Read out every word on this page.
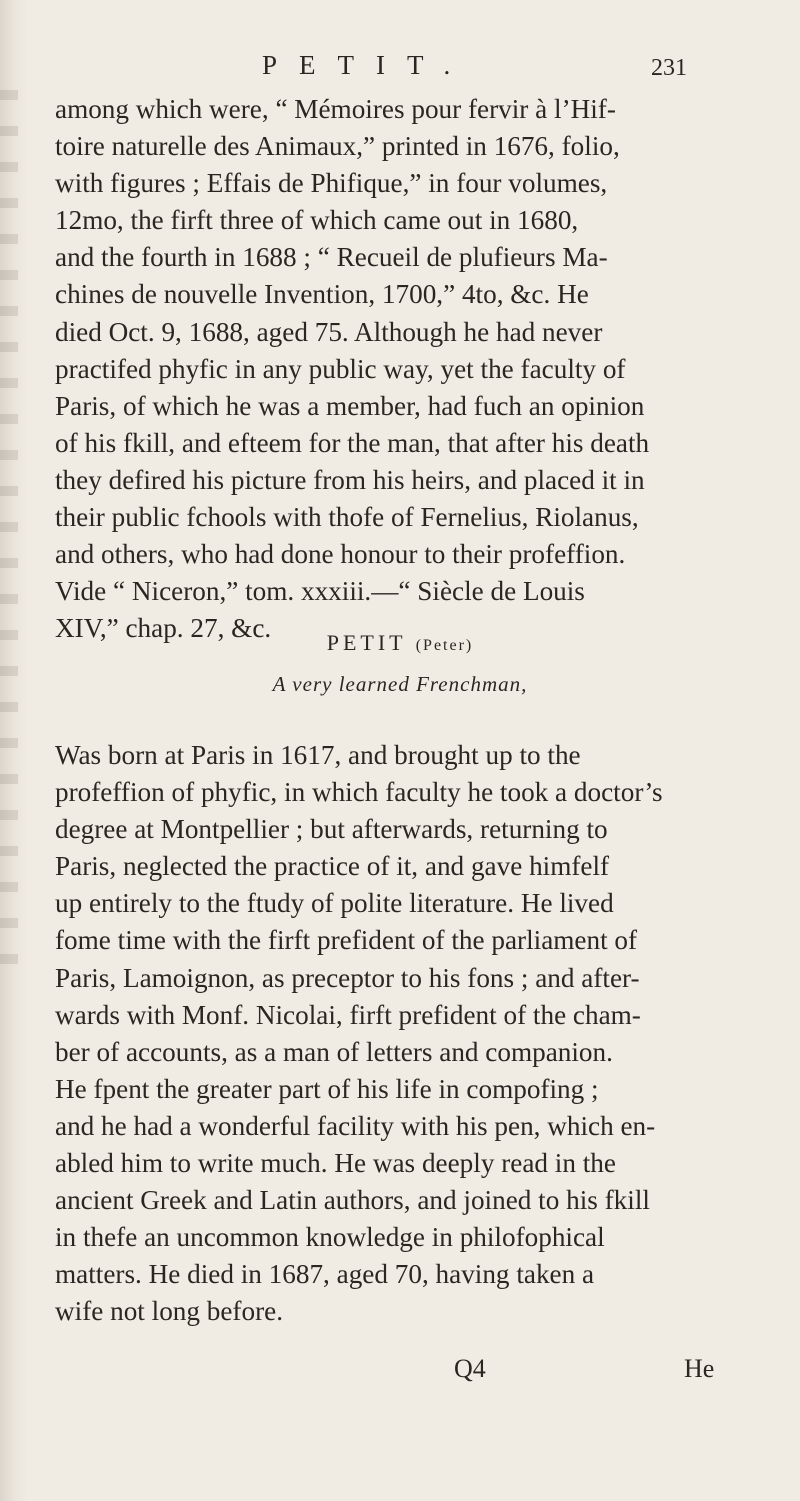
PETIT.	231
among which were, “ Mémoires pour fervir à l’Hif-
toire naturelle des Animaux,” printed in 1676, folio,
with figures ; Effais de Phifique,” in four volumes,
12mo, the firft three of which came out in 1680,
and the fourth in 1688 ; “ Recueil de plufieurs Ma-
chines de nouvelle Invention, 1700,” 4to, &c. He
died Oct. 9, 1688, aged 75. Although he had never
practifed phyfic in any public way, yet the faculty of
Paris, of which he was a member, had fuch an opinion
of his fkill, and efteem for the man, that after his death
they defired his picture from his heirs, and placed it in
their public fchools with thofe of Fernelius, Riolanus,
and others, who had done honour to their profeffion.
Vide “ Niceron,” tom. xxxiii.—“ Siècle de Louis
XIV,” chap. 27, &c.	PETIT (Peter)
A very learned Frenchman,
Was born at Paris in 1617, and brought up to the
profeffion of phyfic, in which faculty he took a doctor’s
degree at Montpellier ; but afterwards, returning to
Paris, neglected the practice of it, and gave himfelf
up entirely to the ftudy of polite literature. He lived
fome time with the firft prefident of the parliament of
Paris, Lamoignon, as preceptor to his fons ; and after-
wards with Monf. Nicolai, firft prefident of the cham-
ber of accounts, as a man of letters and companion.
He fpent the greater part of his life in compofing ;
and he had a wonderful facility with his pen, which en-
abled him to write much. He was deeply read in the
ancient Greek and Latin authors, and joined to his fkill
in thefe an uncommon knowledge in philofophical
matters. He died in 1687, aged 70, having taken a
wife not long before.
Q4	He
